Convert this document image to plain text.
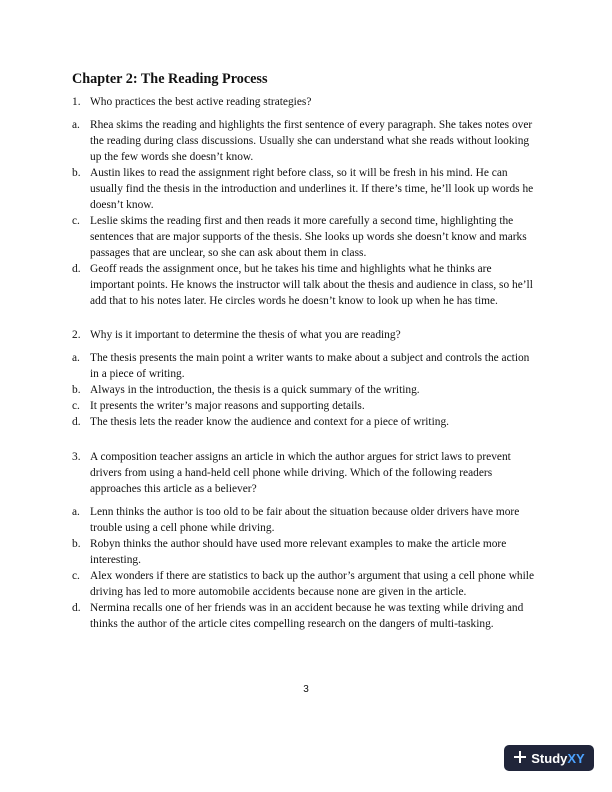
Chapter 2: The Reading Process
1. Who practices the best active reading strategies?
a. Rhea skims the reading and highlights the first sentence of every paragraph. She takes notes over the reading during class discussions. Usually she can understand what she reads without looking up the few words she doesn’t know.
b. Austin likes to read the assignment right before class, so it will be fresh in his mind. He can usually find the thesis in the introduction and underlines it. If there’s time, he’ll look up words he doesn’t know.
c. Leslie skims the reading first and then reads it more carefully a second time, highlighting the sentences that are major supports of the thesis. She looks up words she doesn’t know and marks passages that are unclear, so she can ask about them in class.
d. Geoff reads the assignment once, but he takes his time and highlights what he thinks are important points. He knows the instructor will talk about the thesis and audience in class, so he’ll add that to his notes later. He circles words he doesn’t know to look up when he has time.
2. Why is it important to determine the thesis of what you are reading?
a. The thesis presents the main point a writer wants to make about a subject and controls the action in a piece of writing.
b. Always in the introduction, the thesis is a quick summary of the writing.
c. It presents the writer’s major reasons and supporting details.
d. The thesis lets the reader know the audience and context for a piece of writing.
3. A composition teacher assigns an article in which the author argues for strict laws to prevent drivers from using a hand-held cell phone while driving. Which of the following readers approaches this article as a believer?
a. Lenn thinks the author is too old to be fair about the situation because older drivers have more trouble using a cell phone while driving.
b. Robyn thinks the author should have used more relevant examples to make the article more interesting.
c. Alex wonders if there are statistics to back up the author’s argument that using a cell phone while driving has led to more automobile accidents because none are given in the article.
d. Nermina recalls one of her friends was in an accident because he was texting while driving and thinks the author of the article cites compelling research on the dangers of multi-tasking.
3
Study XY
